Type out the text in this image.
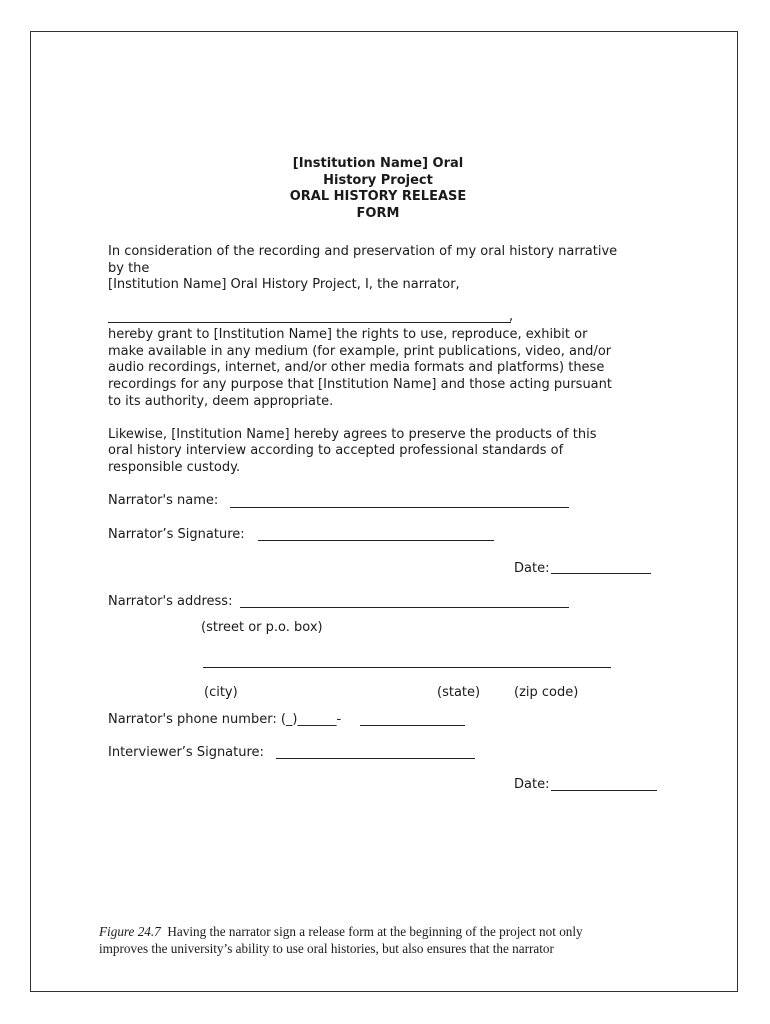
[Institution Name] Oral
History Project
ORAL HISTORY RELEASE
FORM
In consideration of the recording and preservation of my oral history narrative
by the
[Institution Name] Oral History Project, I, the narrator,
,
hereby grant to [Institution Name] the rights to use, reproduce, exhibit or
make available in any medium (for example, print publications, video, and/or
audio recordings, internet, and/or other media formats and platforms) these
recordings for any purpose that [Institution Name] and those acting pursuant
to its authority, deem appropriate.
Likewise, [Institution Name] hereby agrees to preserve the products of this
oral history interview according to accepted professional standards of
responsible custody.
Narrator's name:
Narrator’s Signature:
Date:
Narrator's address:
(street or p.o. box)
(city)	(state)	(zip code)
Narrator's phone number: (_)______-
Interviewer’s Signature:
Date:
Figure 24.7 Having the narrator sign a release form at the beginning of the project not only
improves the university’s ability to use oral histories, but also ensures that the narrator
